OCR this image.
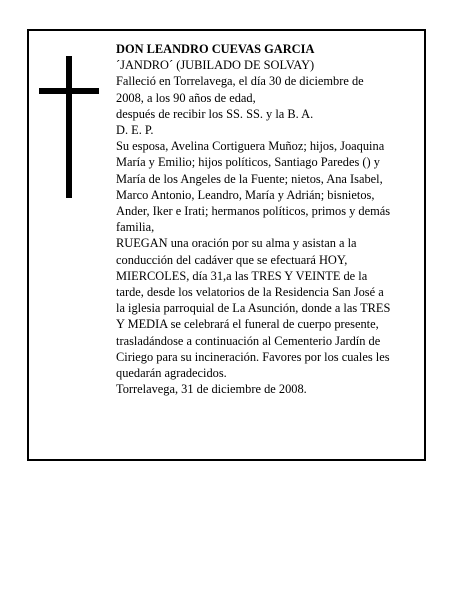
DON LEANDRO CUEVAS GARCIA
´JANDRO´ (JUBILADO DE SOLVAY)
Falleció en Torrelavega, el día 30 de diciembre de
2008, a los 90 años de edad,
después de recibir los SS. SS. y la B. A.
D. E. P.
Su esposa, Avelina Cortiguera Muñoz; hijos, Joaquina
María y Emilio; hijos políticos, Santiago Paredes () y
María de los Angeles de la Fuente; nietos, Ana Isabel,
Marco Antonio, Leandro, María y Adrián; bisnietos,
Ander, Iker e Irati; hermanos políticos, primos y demás
familia,
RUEGAN una oración por su alma y asistan a la
conducción del cadáver que se efectuará HOY,
MIERCOLES, día 31,a las TRES Y VEINTE de la
tarde, desde los velatorios de la Residencia San José a
la iglesia parroquial de La Asunción, donde a las TRES
Y MEDIA se celebrará el funeral de cuerpo presente,
trasladándose a continuación al Cementerio Jardín de
Ciriego para su incineración. Favores por los cuales les
quedarán agradecidos.
Torrelavega, 31 de diciembre de 2008.
